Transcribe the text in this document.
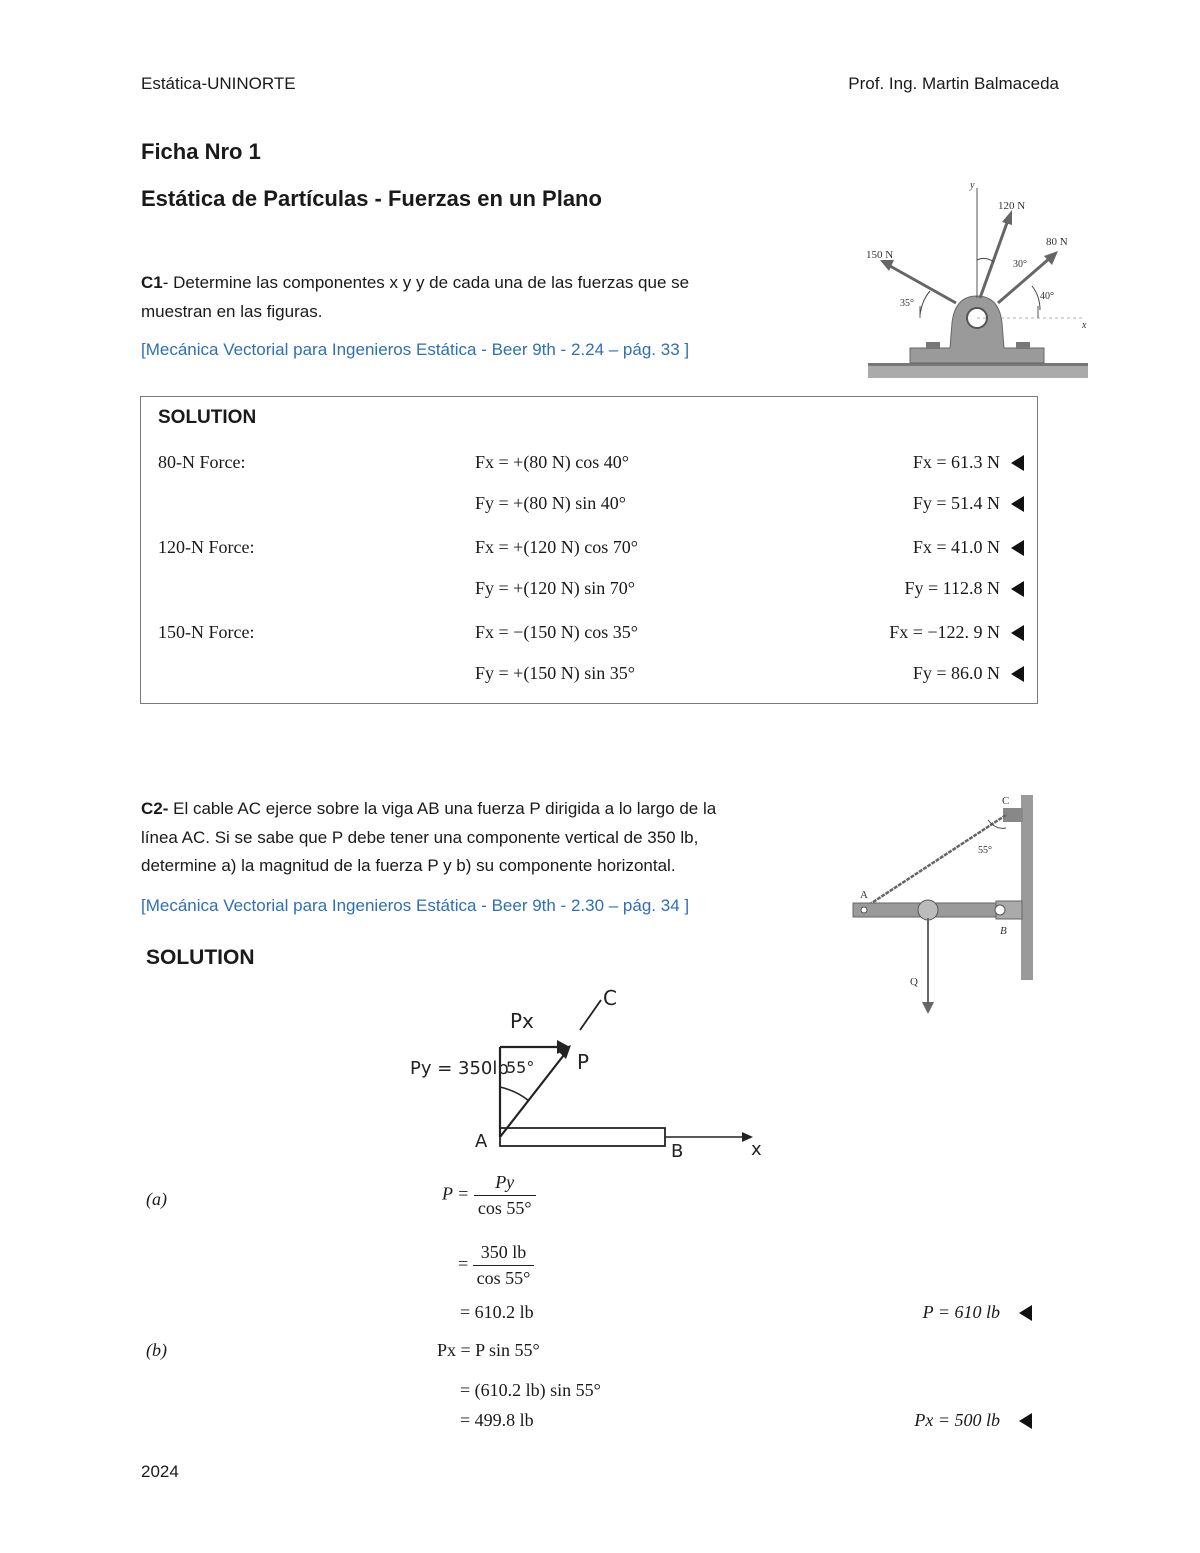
Estática-UNINORTE	Prof. Ing. Martin Balmaceda
Ficha Nro 1
Estática de Partículas - Fuerzas en un Plano
C1- Determine las componentes x y y de cada una de las fuerzas que se
muestran en las figuras.
[Mecánica Vectorial para Ingenieros Estática - Beer 9th - 2.24 – pág. 33 ]
y
x
120 N
80 N
150 N
35°
30°
40°
SOLUTION
80-N Force:	Fx = +(80 N) cos 40°	Fx = 61.3 N
Fy = +(80 N) sin 40°	Fy = 51.4 N
120-N Force:	Fx = +(120 N) cos 70°	Fx = 41.0 N
Fy = +(120 N) sin 70°	Fy = 112.8 N
150-N Force:	Fx = −(150 N) cos 35°	Fx = −122. 9 N
Fy = +(150 N) sin 35°	Fy = 86.0 N
C2- El cable AC ejerce sobre la viga AB una fuerza P dirigida a lo largo de la
línea AC. Si se sabe que P debe tener una componente vertical de 350 lb,
determine a) la magnitud de la fuerza P y b) su componente horizontal.
[Mecánica Vectorial para Ingenieros Estática - Beer 9th - 2.30 – pág. 34 ]
C
A
B
Q
55°
SOLUTION
Px
Py = 350lb
55° P
C
A	B	x
(a)	$P = \frac{Py}{\cos 55^\circ}$
= $\frac{350 lb}{\cos 55^\circ}$
= 610.2 lb	P = 610 lb
(b)	Px = P sin 55°
= (610.2 lb) sin 55°
= 499.8 lb	Px = 500 lb
2024
